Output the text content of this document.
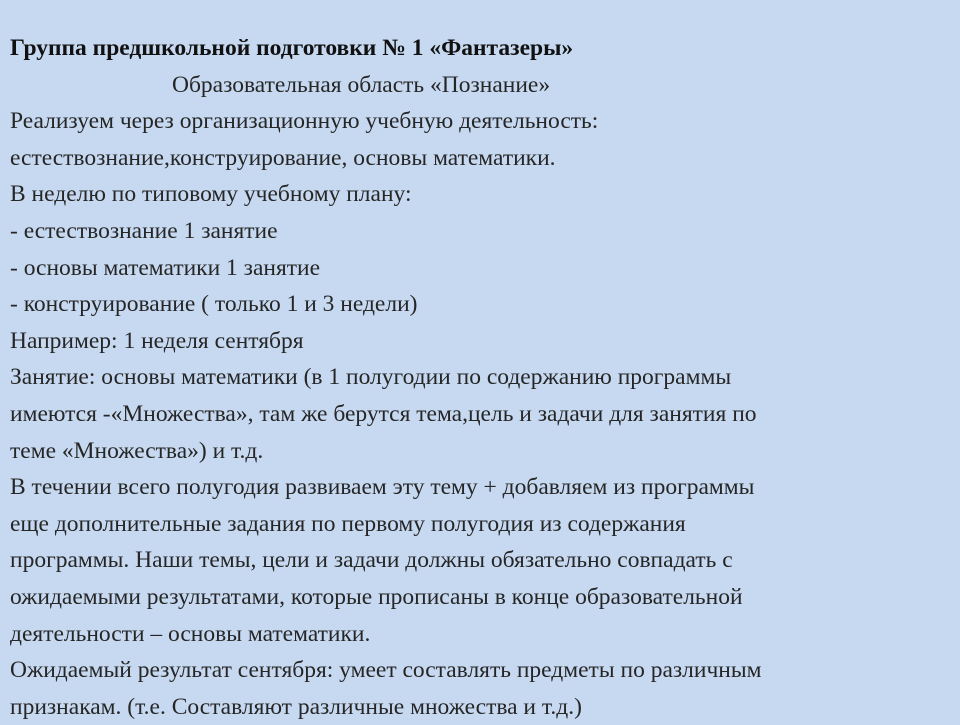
Группа предшкольной подготовки № 1 «Фантазеры»
Образовательная область «Познание»
Реализуем через организационную учебную деятельность:
естествознание,конструирование, основы математики.
В неделю по типовому учебному плану:
- естествознание 1 занятие
- основы математики 1 занятие
- конструирование ( только 1 и 3 недели)
Например: 1 неделя сентября
Занятие: основы математики (в 1 полугодии по содержанию программы
имеются -«Множества», там же берутся тема,цель и задачи для занятия по
теме «Множества») и т.д.
В течении всего полугодия развиваем эту тему + добавляем из программы
еще дополнительные задания по первому полугодия из содержания
программы. Наши темы, цели и задачи должны обязательно совпадать с
ожидаемыми результатами, которые прописаны в конце образовательной
деятельности – основы математики.
Ожидаемый результат сентября: умеет составлять предметы по различным
признакам. (т.е. Составляют различные множества и т.д.)
